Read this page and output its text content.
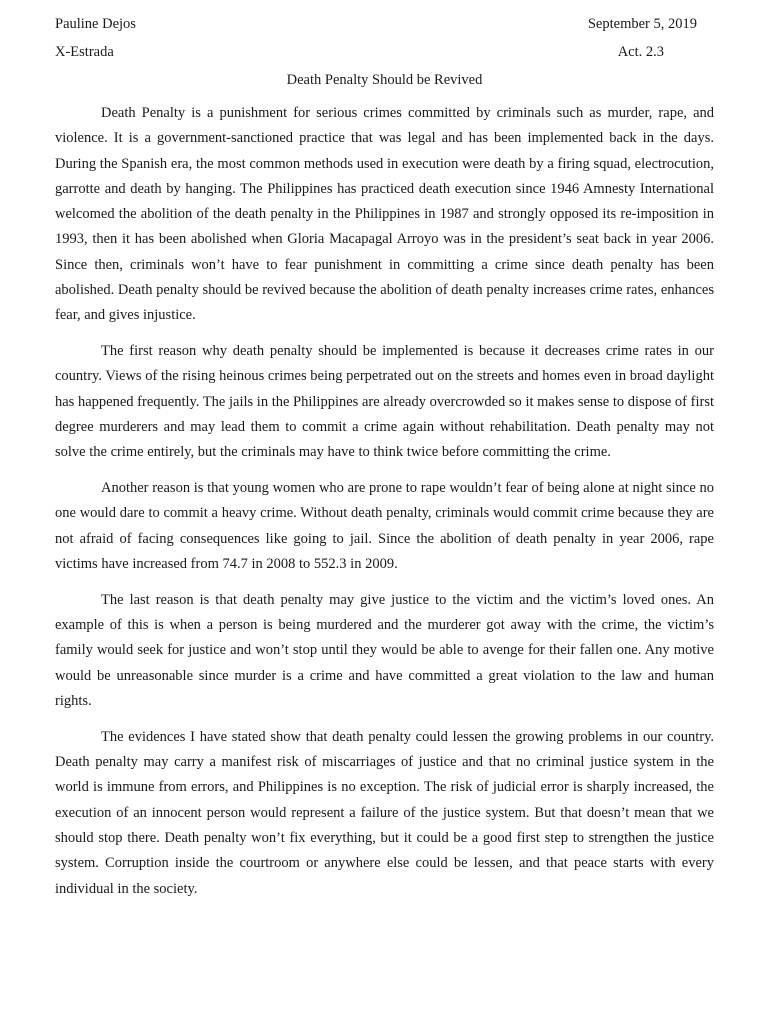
Pauline Dejos	September 5, 2019
X-Estrada	Act. 2.3
Death Penalty Should be Revived

Death Penalty is a punishment for serious crimes committed by criminals such as murder, rape, and violence. It is a government-sanctioned practice that was legal and has been implemented back in the days. During the Spanish era, the most common methods used in execution were death by a firing squad, electrocution, garrotte and death by hanging. The Philippines has practiced death execution since 1946 Amnesty International welcomed the abolition of the death penalty in the Philippines in 1987 and strongly opposed its re-imposition in 1993, then it has been abolished when Gloria Macapagal Arroyo was in the president’s seat back in year 2006. Since then, criminals won’t have to fear punishment in committing a crime since death penalty has been abolished. Death penalty should be revived because the abolition of death penalty increases crime rates, enhances fear, and gives injustice.

The first reason why death penalty should be implemented is because it decreases crime rates in our country. Views of the rising heinous crimes being perpetrated out on the streets and homes even in broad daylight has happened frequently. The jails in the Philippines are already overcrowded so it makes sense to dispose of first degree murderers and may lead them to commit a crime again without rehabilitation. Death penalty may not solve the crime entirely, but the criminals may have to think twice before committing the crime.

Another reason is that young women who are prone to rape wouldn’t fear of being alone at night since no one would dare to commit a heavy crime. Without death penalty, criminals would commit crime because they are not afraid of facing consequences like going to jail. Since the abolition of death penalty in year 2006, rape victims have increased from 74.7 in 2008 to 552.3 in 2009.

The last reason is that death penalty may give justice to the victim and the victim’s loved ones. An example of this is when a person is being murdered and the murderer got away with the crime, the victim’s family would seek for justice and won’t stop until they would be able to avenge for their fallen one. Any motive would be unreasonable since murder is a crime and have committed a great violation to the law and human rights.

The evidences I have stated show that death penalty could lessen the growing problems in our country. Death penalty may carry a manifest risk of miscarriages of justice and that no criminal justice system in the world is immune from errors, and Philippines is no exception. The risk of judicial error is sharply increased, the execution of an innocent person would represent a failure of the justice system. But that doesn’t mean that we should stop there. Death penalty won’t fix everything, but it could be a good first step to strengthen the justice system. Corruption inside the courtroom or anywhere else could be lessen, and that peace starts with every individual in the society.
